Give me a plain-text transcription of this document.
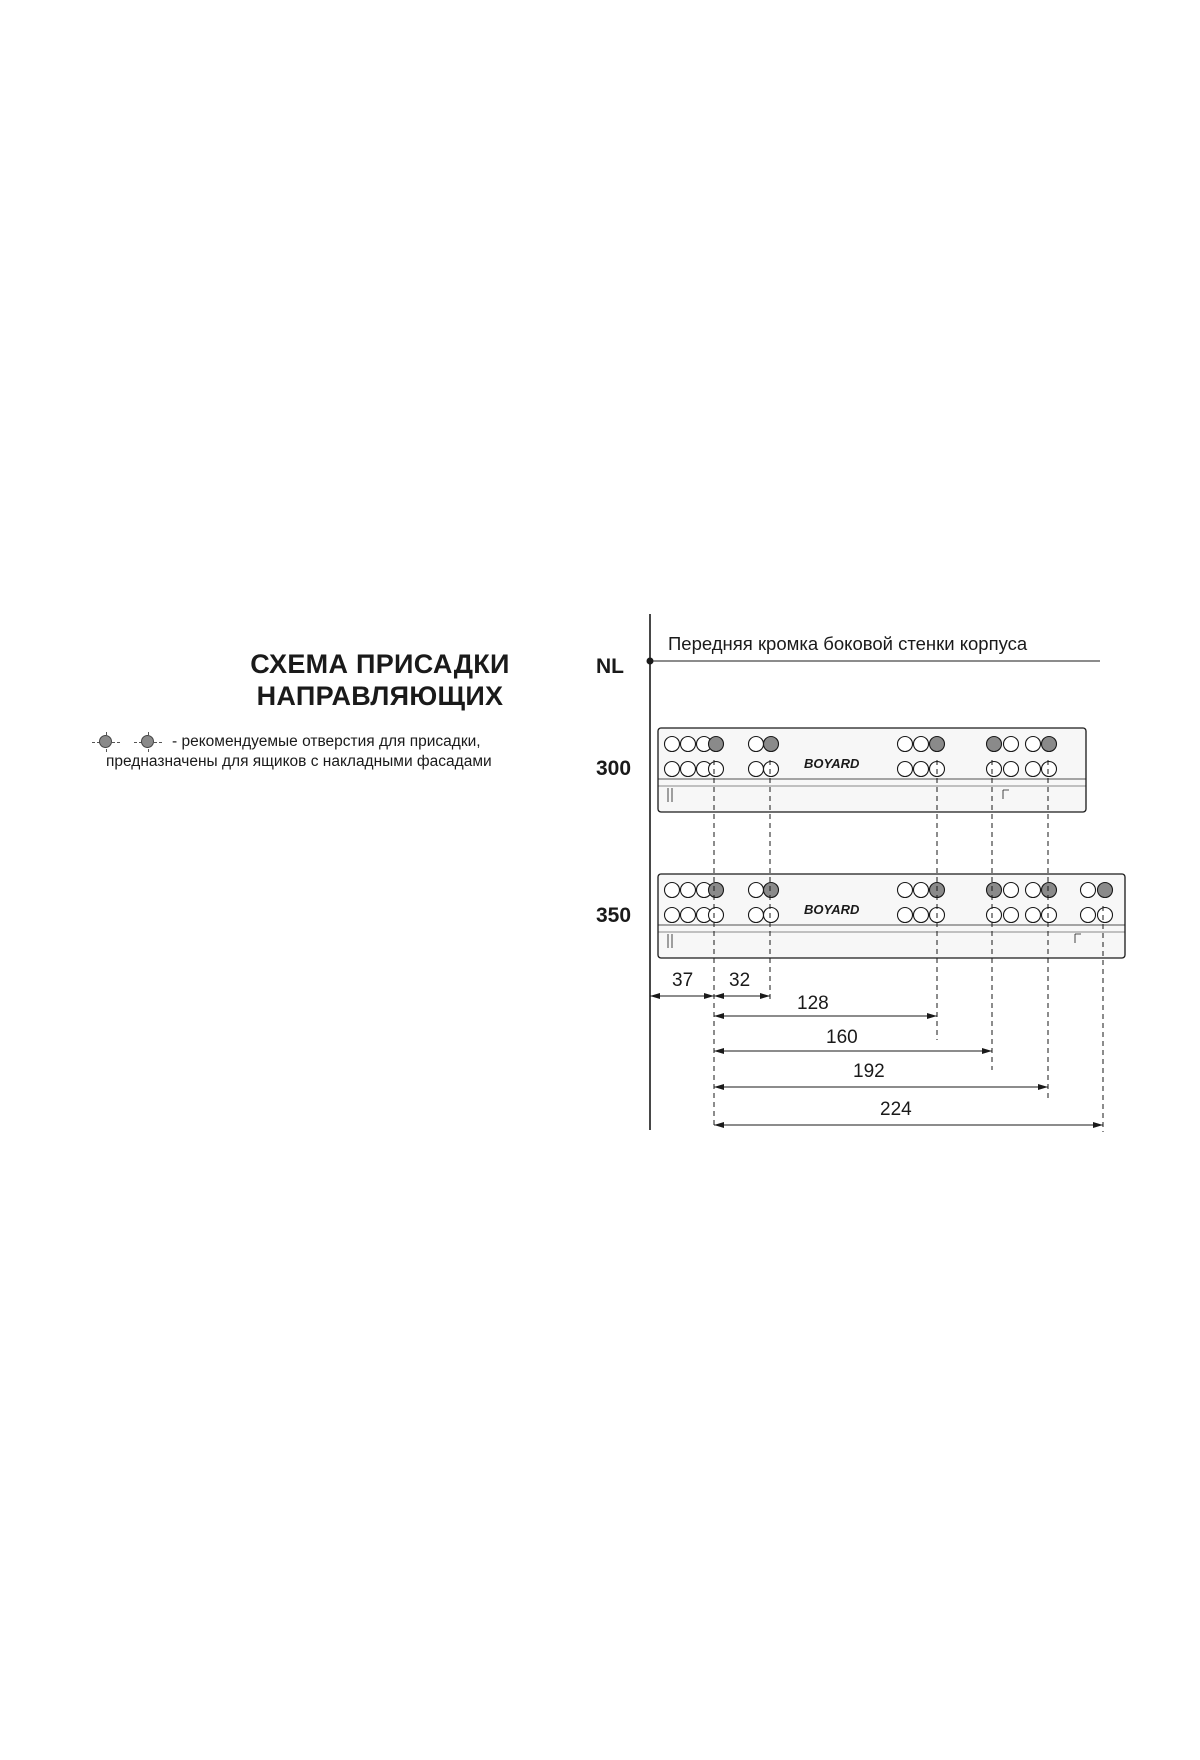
СХЕМА ПРИСАДКИ
НАПРАВЛЯЮЩИХ
- рекомендуемые отверстия для присадки,
предназначены для ящиков с накладными фасадами
NL
Передняя кромка боковой стенки корпуса
300	BOYARD
350	BOYARD
37 32
128
160
192
224
